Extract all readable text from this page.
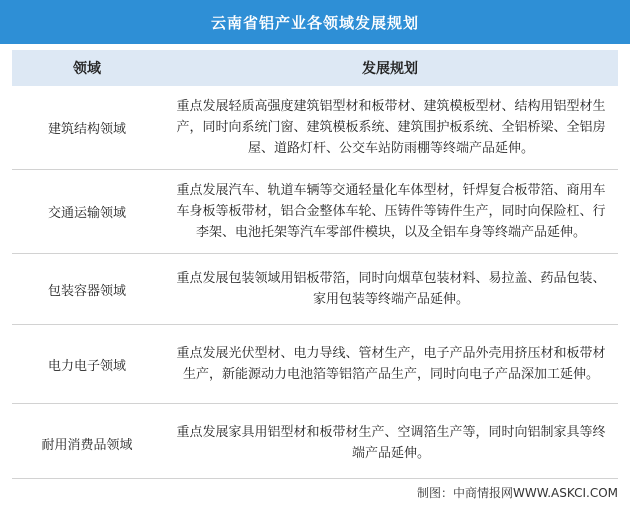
云南省铝产业各领域发展规划
领域	发展规划
建筑结构领域
重点发展轻质高强度建筑铝型材和板带材、建筑模板型材、结构用铝型材生产，同时向系统门窗、建筑模板系统、建筑围护板系统、全铝桥梁、全铝房屋、道路灯杆、公交车站防雨棚等终端产品延伸。
交通运输领域
重点发展汽车、轨道车辆等交通轻量化车体型材，钎焊复合板带箔、商用车车身板等板带材，铝合金整体车轮、压铸件等铸件生产，同时向保险杠、行李架、电池托架等汽车零部件模块，以及全铝车身等终端产品延伸。
包装容器领域
重点发展包装领域用铝板带箔，同时向烟草包装材料、易拉盖、药品包装、家用包装等终端产品延伸。
电力电子领域
重点发展光伏型材、电力导线、管材生产，电子产品外壳用挤压材和板带材生产，新能源动力电池箔等铝箔产品生产，同时向电子产品深加工延伸。
耐用消费品领域
重点发展家具用铝型材和板带材生产、空调箔生产等，同时向铝制家具等终端产品延伸。
制图：中商情报网WWW.ASKCI.COM
